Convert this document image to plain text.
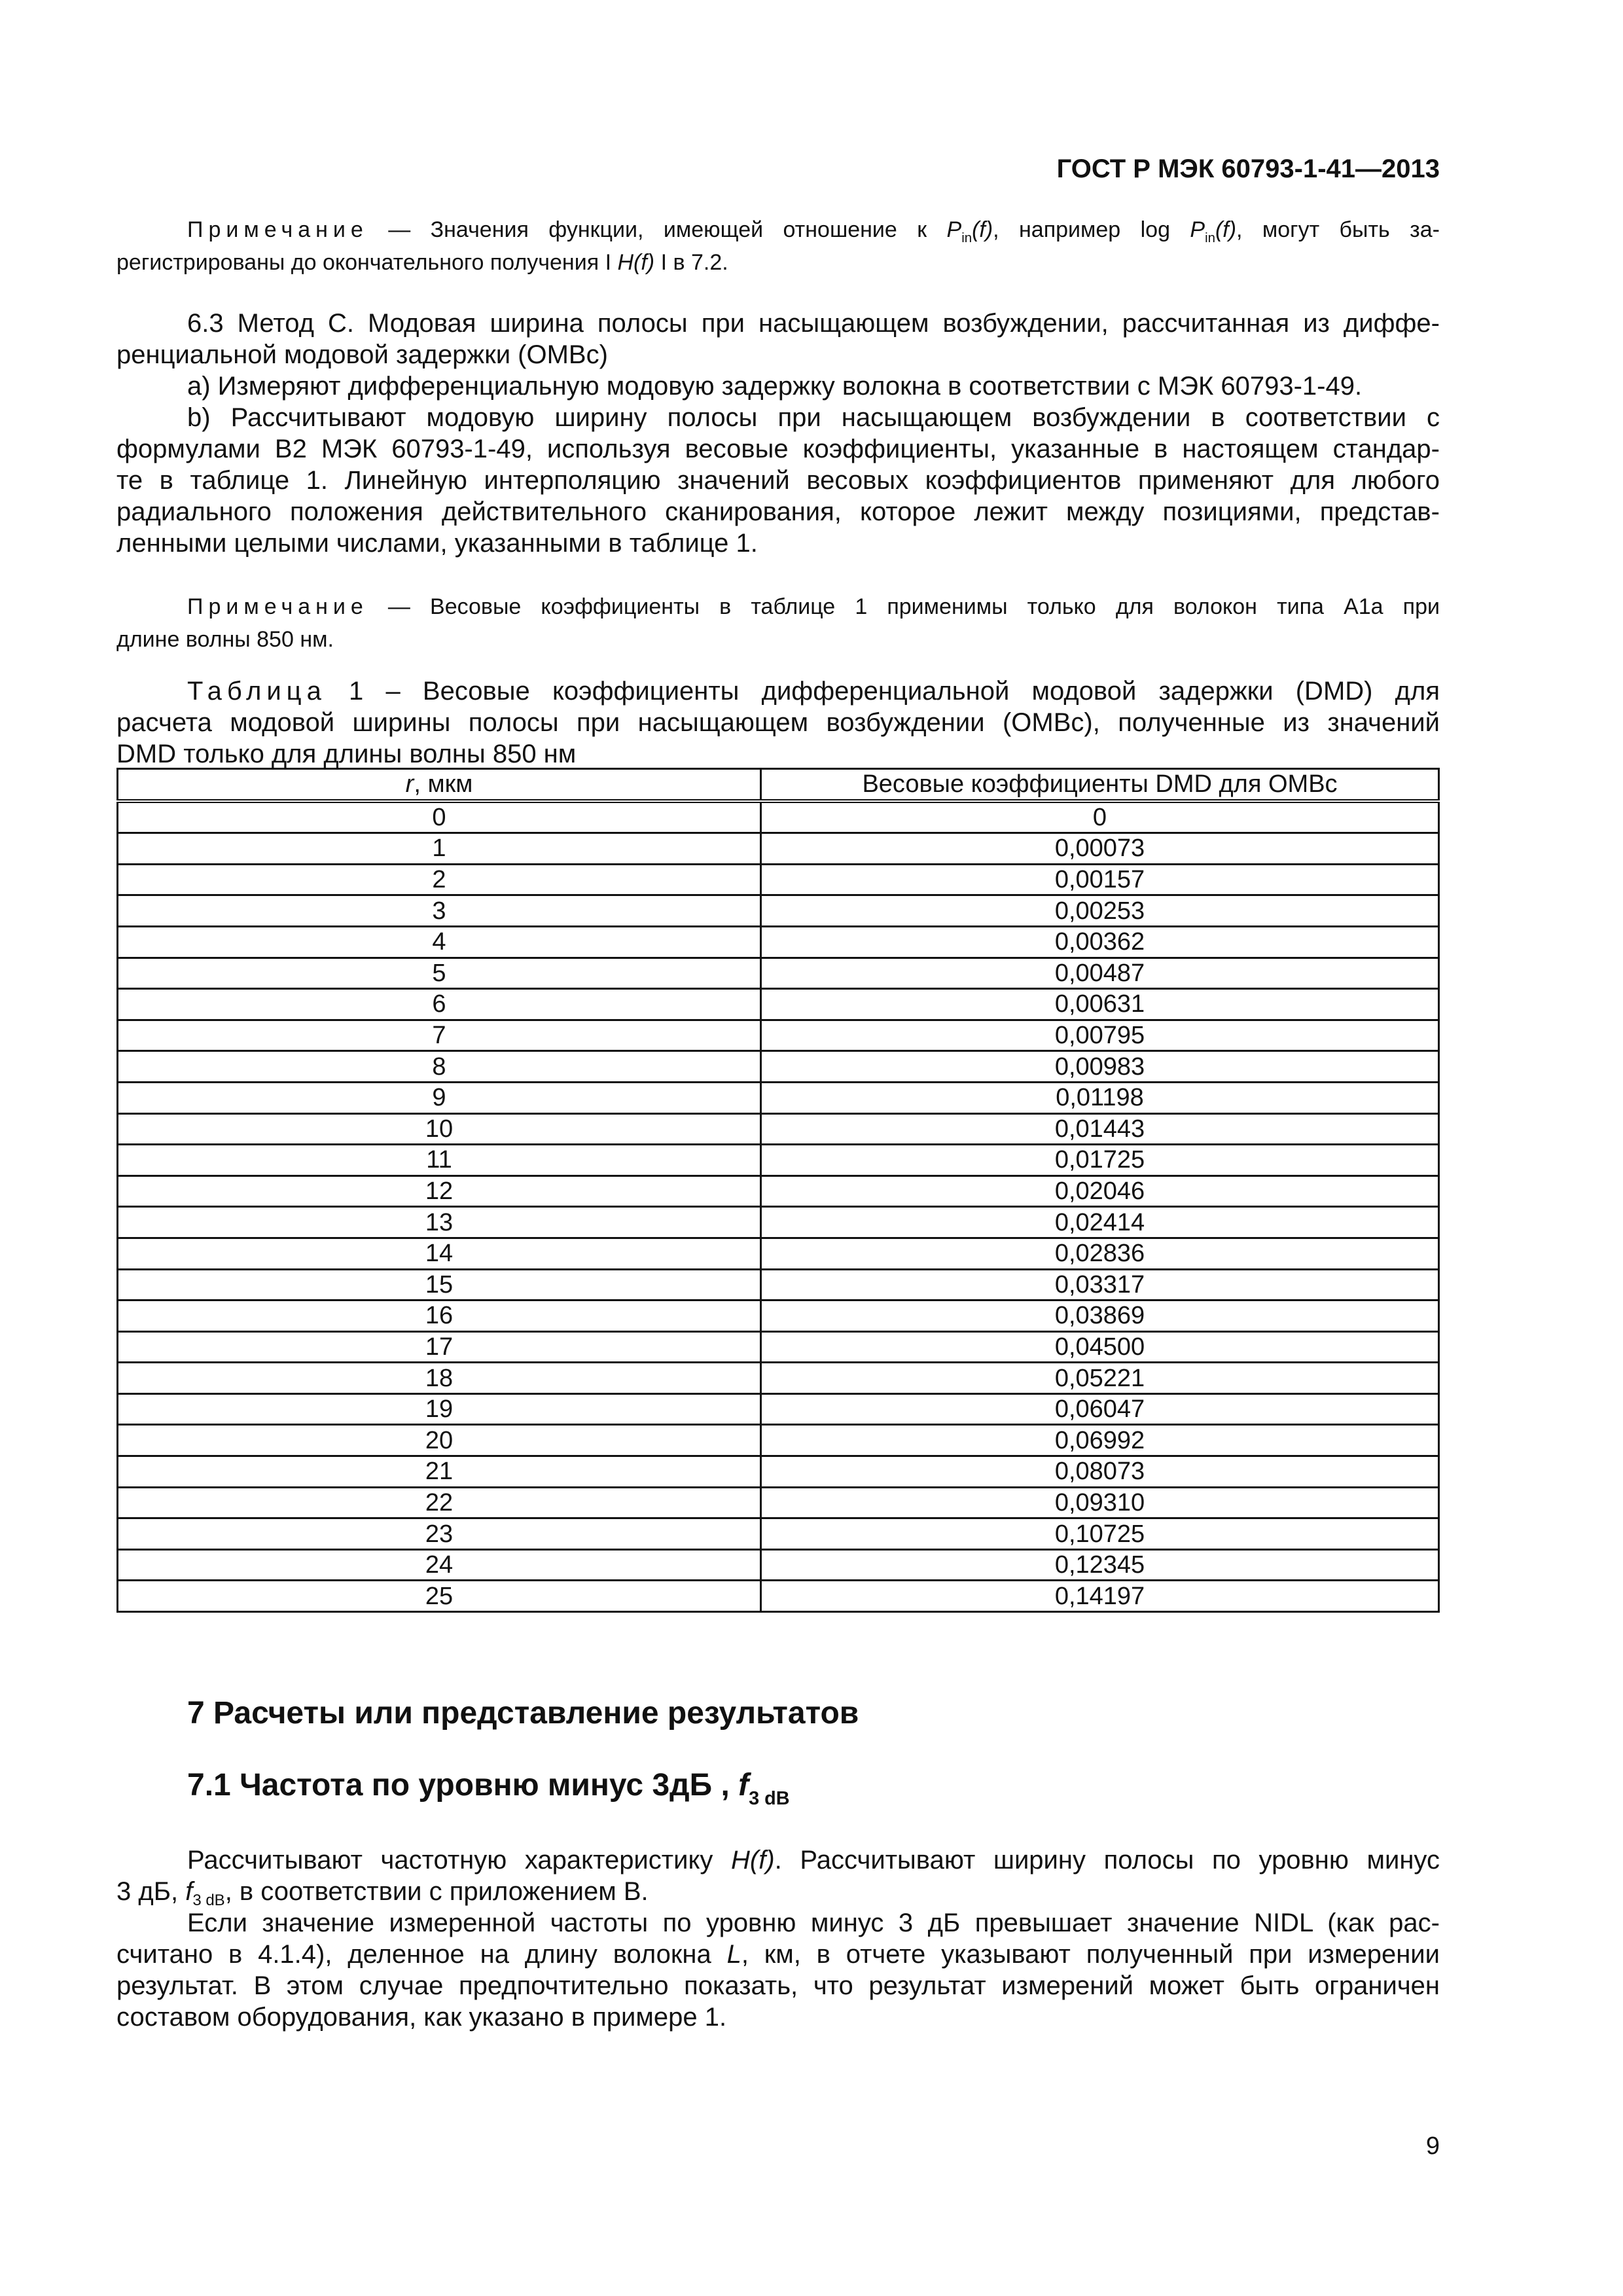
ГОСТ Р МЭК 60793-1-41—2013
Примечание — Значения функции, имеющей отношение к $P_{in}(f)$, например $\log P_{in}(f)$, могут быть за-
регистрированы до окончательного получения I H(f) I в 7.2.
6.3 Метод С. Модовая ширина полосы при насыщающем возбуждении, рассчитанная из диффе-
ренциальной модовой задержки (OMBc)
а) Измеряют дифференциальную модовую задержку волокна в соответствии с МЭК 60793-1-49.
b) Рассчитывают модовую ширину полосы при насыщающем возбуждении в соответствии с
формулами B2 МЭК 60793-1-49, используя весовые коэффициенты, указанные в настоящем стандар-
те в таблице 1. Линейную интерполяцию значений весовых коэффициентов применяют для любого
радиального положения действительного сканирования, которое лежит между позициями, представ-
ленными целыми числами, указанными в таблице 1.
Примечание — Весовые коэффициенты в таблице 1 применимы только для волокон типа A1a при
длине волны 850 нм.
Таблица 1 – Весовые коэффициенты дифференциальной модовой задержки (DMD) для
расчета модовой ширины полосы при насыщающем возбуждении (OMBc), полученные из значений
DMD только для длины волны 850 нм
r, мкм	Весовые коэффициенты DMD для OMBc
0	0
1	0,00073
2	0,00157
3	0,00253
4	0,00362
5	0,00487
6	0,00631
7	0,00795
8	0,00983
9	0,01198
10	0,01443
11	0,01725
12	0,02046
13	0,02414
14	0,02836
15	0,03317
16	0,03869
17	0,04500
18	0,05221
19	0,06047
20	0,06992
21	0,08073
22	0,09310
23	0,10725
24	0,12345
25	0,14197
7 Расчеты или представление результатов
7.1 Частота по уровню минус 3дБ , $f_{3 dB}$
Рассчитывают частотную характеристику H(f). Рассчитывают ширину полосы по уровню минус
3 дБ, $f_{3 dB}$, в соответствии с приложением B.
Если значение измеренной частоты по уровню минус 3 дБ превышает значение NIDL (как рас-
считано в 4.1.4), деленное на длину волокна L, км, в отчете указывают полученный при измерении
результат. В этом случае предпочтительно показать, что результат измерений может быть ограничен
составом оборудования, как указано в примере 1.
9
